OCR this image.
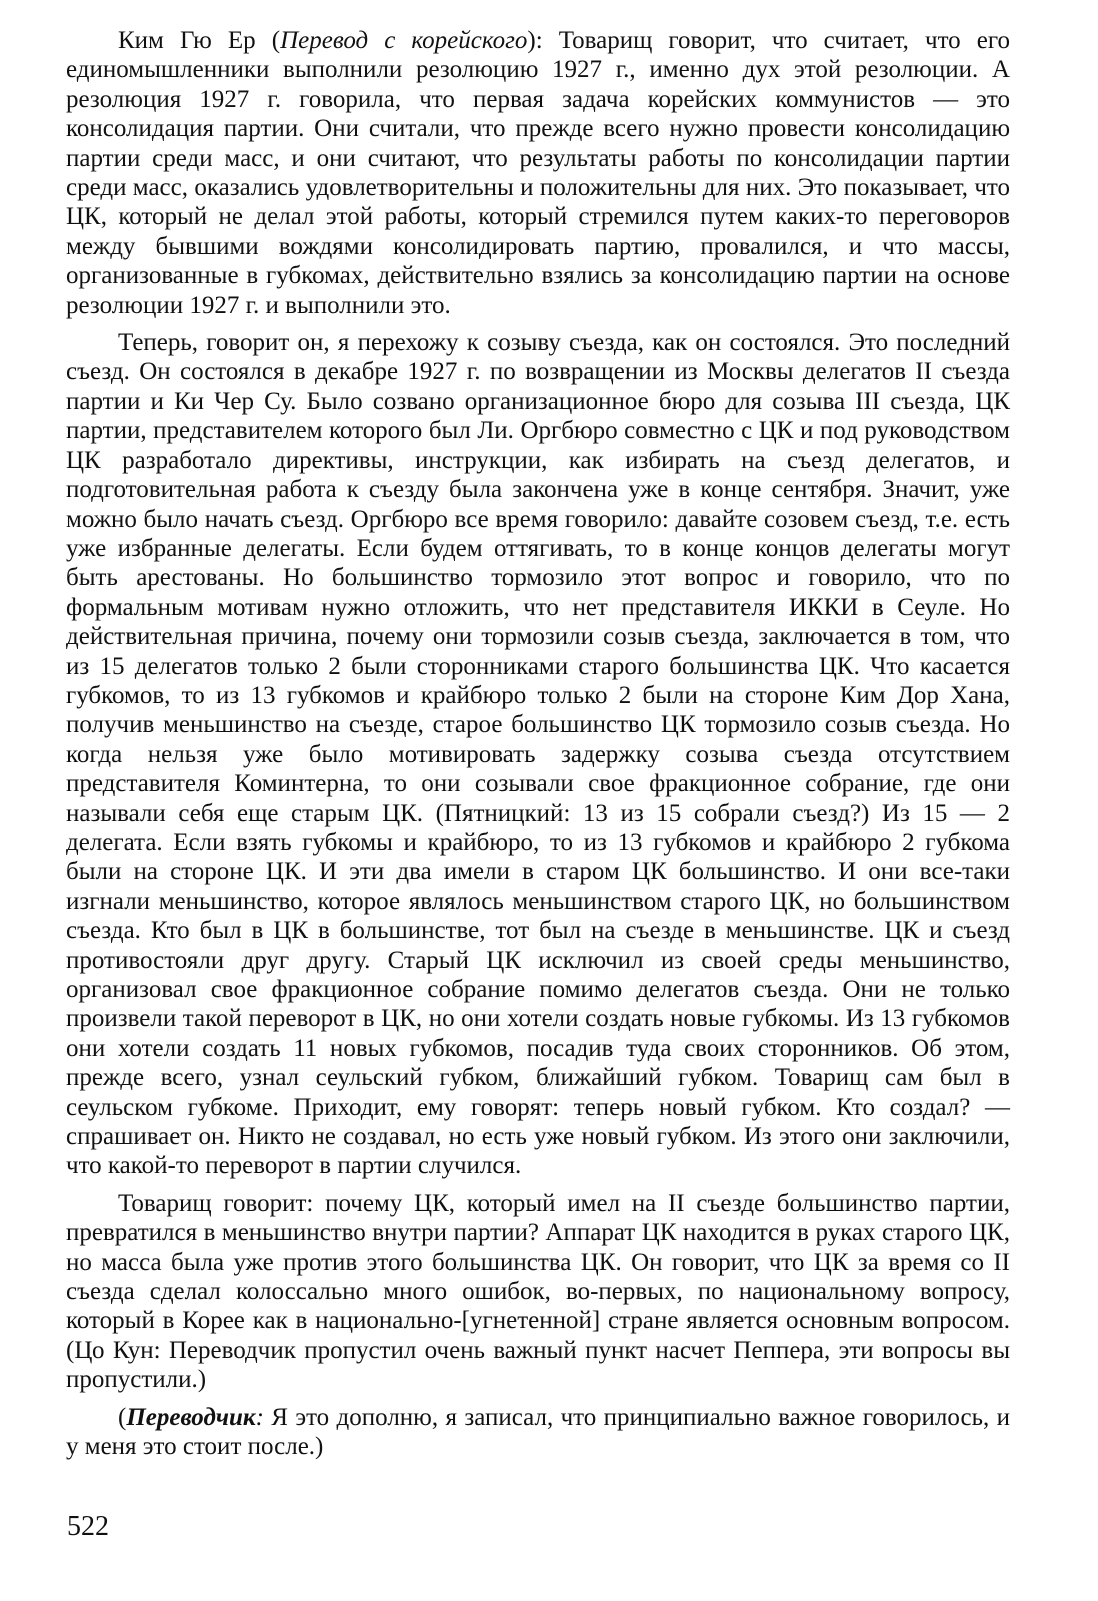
Ким Гю Ер (Перевод с корейского): Товарищ говорит, что считает, что его единомышленники выполнили резолюцию 1927 г., именно дух этой резолюции. А резолюция 1927 г. говорила, что первая задача корейских коммунистов — это консолидация партии. Они считали, что прежде всего нужно провести консолидацию партии среди масс, и они считают, что результаты работы по консолидации партии среди масс, оказались удовлетворительны и положительны для них. Это показывает, что ЦК, который не делал этой работы, который стремился путем каких-то переговоров между бывшими вождями консолидировать партию, провалился, и что массы, организованные в губкомах, действительно взялись за консолидацию партии на основе резолюции 1927 г. и выполнили это.

Теперь, говорит он, я перехожу к созыву съезда, как он состоялся. Это последний съезд. Он состоялся в декабре 1927 г. по возвращении из Москвы делегатов II съезда партии и Ки Чер Су. Было созвано организационное бюро для созыва III съезда, ЦК партии, представителем которого был Ли. Оргбюро совместно с ЦК и под руководством ЦК разработало директивы, инструкции, как избирать на съезд делегатов, и подготовительная работа к съезду была закончена уже в конце сентября. Значит, уже можно было начать съезд. Оргбюро все время говорило: давайте созовем съезд, т.е. есть уже избранные делегаты. Если будем оттягивать, то в конце концов делегаты могут быть арестованы. Но большинство тормозило этот вопрос и говорило, что по формальным мотивам нужно отложить, что нет представителя ИККИ в Сеуле. Но действительная причина, почему они тормозили созыв съезда, заключается в том, что из 15 делегатов только 2 были сторонниками старого большинства ЦК. Что касается губкомов, то из 13 губкомов и крайбюро только 2 были на стороне Ким Дор Хана, получив меньшинство на съезде, старое большинство ЦК тормозило созыв съезда. Но когда нельзя уже было мотивировать задержку созыва съезда отсутствием представителя Коминтерна, то они созывали свое фракционное собрание, где они называли себя еще старым ЦК. (Пятницкий: 13 из 15 собрали съезд?) Из 15 — 2 делегата. Если взять губкомы и крайбюро, то из 13 губкомов и крайбюро 2 губкома были на стороне ЦК. И эти два имели в старом ЦК большинство. И они все-таки изгнали меньшинство, которое являлось меньшинством старого ЦК, но большинством съезда. Кто был в ЦК в большинстве, тот был на съезде в меньшинстве. ЦК и съезд противостояли друг другу. Старый ЦК исключил из своей среды меньшинство, организовал свое фракционное собрание помимо делегатов съезда. Они не только произвели такой переворот в ЦК, но они хотели создать новые губкомы. Из 13 губкомов они хотели создать 11 новых губкомов, посадив туда своих сторонников. Об этом, прежде всего, узнал сеульский губком, ближайший губком. Товарищ сам был в сеульском губкоме. Приходит, ему говорят: теперь новый губком. Кто создал? — спрашивает он. Никто не создавал, но есть уже новый губком. Из этого они заключили, что какой-то переворот в партии случился.

Товарищ говорит: почему ЦК, который имел на II съезде большинство партии, превратился в меньшинство внутри партии? Аппарат ЦК находится в руках старого ЦК, но масса была уже против этого большинства ЦК. Он говорит, что ЦК за время со II съезда сделал колоссально много ошибок, во-первых, по национальному вопросу, который в Корее как в национально-[угнетенной] стране является основным вопросом. (Цо Кун: Переводчик пропустил очень важный пункт насчет Пеппера, эти вопросы вы пропустили.)

(Переводчик: Я это дополню, я записал, что принципиально важное говорилось, и у меня это стоит после.)

522
